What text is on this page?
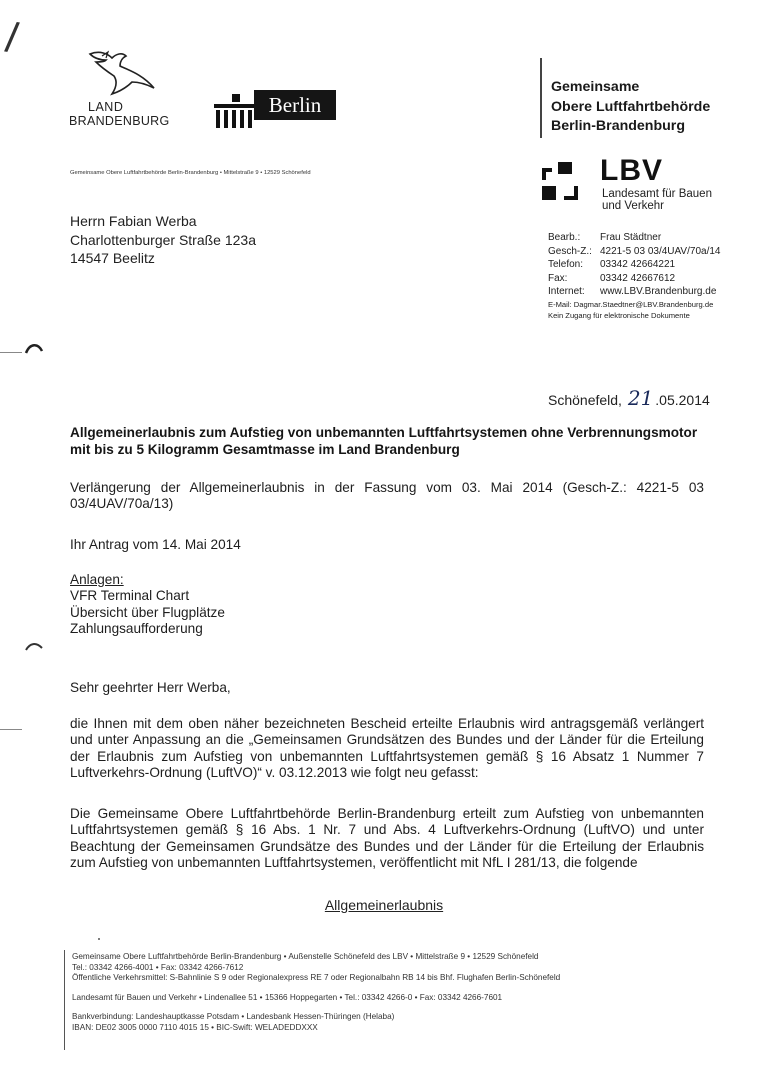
/
LAND
BRANDENBURG
Berlin
Gemeinsame
Obere Luftfahrtbehörde
Berlin-Brandenburg
LBV
Landesamt für Bauen
und Verkehr
Gemeinsame Obere Luftfahrtbehörde Berlin-Brandenburg • Mittelstraße 9 • 12529 Schönefeld
Herrn Fabian Werba
Charlottenburger Straße 123a
14547 Beelitz
Bearb.: Frau Städtner
Gesch-Z.: 4221-5 03 03/4UAV/70a/14
Telefon: 03342 42664221
Fax:	03342 42667612
Internet: www.LBV.Brandenburg.de
E-Mail: Dagmar.Staedtner@LBV.Brandenburg.de
Kein Zugang für elektronische Dokumente
Schönefeld, 21 .05.2014
Allgemeinerlaubnis zum Aufstieg von unbemannten Luftfahrtsystemen ohne Verbrennungsmotor mit bis zu 5 Kilogramm Gesamtmasse im Land Brandenburg
Verlängerung der Allgemeinerlaubnis in der Fassung vom 03. Mai 2014 (Gesch-Z.: 4221-5 03 03/4UAV/70a/13)
Ihr Antrag vom 14. Mai 2014
Anlagen:
VFR Terminal Chart
Übersicht über Flugplätze
Zahlungsaufforderung
Sehr geehrter Herr Werba,
die Ihnen mit dem oben näher bezeichneten Bescheid erteilte Erlaubnis wird antragsgemäß verlängert und unter Anpassung an die „Gemeinsamen Grundsätzen des Bundes und der Länder für die Erteilung der Erlaubnis zum Aufstieg von unbemannten Luftfahrtsystemen gemäß § 16 Absatz 1 Nummer 7 Luftverkehrs-Ordnung (LuftVO)“ v. 03.12.2013 wie folgt neu gefasst:
Die Gemeinsame Obere Luftfahrtbehörde Berlin-Brandenburg erteilt zum Aufstieg von unbemannten Luftfahrtsystemen gemäß § 16 Abs. 1 Nr. 7 und Abs. 4 Luftverkehrs-Ordnung (LuftVO) und unter Beachtung der Gemeinsamen Grundsätze des Bundes und der Länder für die Erteilung der Erlaubnis zum Aufstieg von unbemannten Luftfahrtsystemen, veröffentlicht mit NfL I 281/13, die folgende
Allgemeinerlaubnis
Gemeinsame Obere Luftfahrtbehörde Berlin-Brandenburg • Außenstelle Schönefeld des LBV • Mittelstraße 9 • 12529 Schönefeld
Tel.: 03342 4266-4001 • Fax: 03342 4266-7612
Öffentliche Verkehrsmittel: S-Bahnlinie S 9 oder Regionalexpress RE 7 oder Regionalbahn RB 14 bis Bhf. Flughafen Berlin-Schönefeld
Landesamt für Bauen und Verkehr • Lindenallee 51 • 15366 Hoppegarten • Tel.: 03342 4266-0 • Fax: 03342 4266-7601
Bankverbindung: Landeshauptkasse Potsdam • Landesbank Hessen-Thüringen (Helaba)
IBAN: DE02 3005 0000 7110 4015 15 • BIC-Swift: WELADEDDXXX
